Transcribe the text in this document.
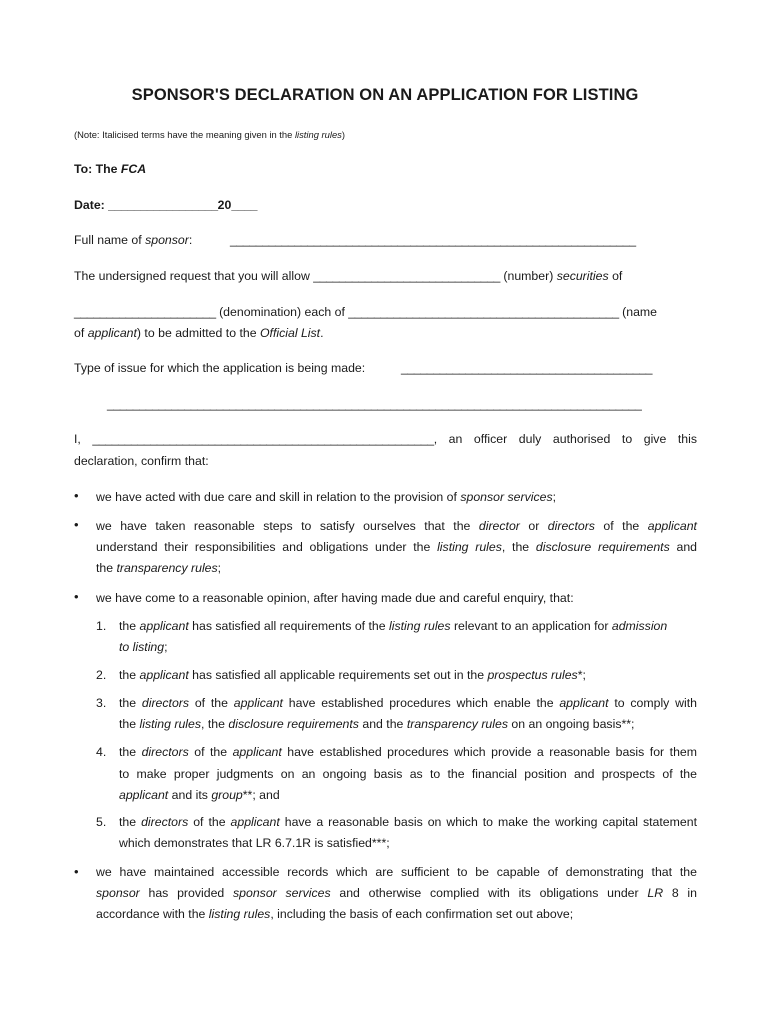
SPONSOR'S DECLARATION ON AN APPLICATION FOR LISTING
(Note: Italicised terms have the meaning given in the listing rules)
To: The FCA
Date: _________________20____
Full name of sponsor:	_______________________________________________________________
The undersigned request that you will allow _____________________________ (number) securities of
______________________ (denomination) each of __________________________________________ (name
of applicant) to be admitted to the Official List.
Type of issue for which the application is being made:	_______________________________________
___________________________________________________________________________________
I, _____________________________________________________, an officer duly authorised to give this
declaration, confirm that:
• we have acted with due care and skill in relation to the provision of sponsor services;
• we have taken reasonable steps to satisfy ourselves that the director or directors of the applicant
understand their responsibilities and obligations under the listing rules, the disclosure requirements and
the transparency rules;
• we have come to a reasonable opinion, after having made due and careful enquiry, that:
1. the applicant has satisfied all requirements of the listing rules relevant to an application for admission
to listing;
2. the applicant has satisfied all applicable requirements set out in the prospectus rules*;
3. the directors of the applicant have established procedures which enable the applicant to comply with
the listing rules, the disclosure requirements and the transparency rules on an ongoing basis**;
4. the directors of the applicant have established procedures which provide a reasonable basis for them
to make proper judgments on an ongoing basis as to the financial position and prospects of the
applicant and its group**; and
5. the directors of the applicant have a reasonable basis on which to make the working capital statement
which demonstrates that LR 6.7.1R is satisfied***;
• we have maintained accessible records which are sufficient to be capable of demonstrating that the
sponsor has provided sponsor services and otherwise complied with its obligations under LR 8 in
accordance with the listing rules, including the basis of each confirmation set out above;
